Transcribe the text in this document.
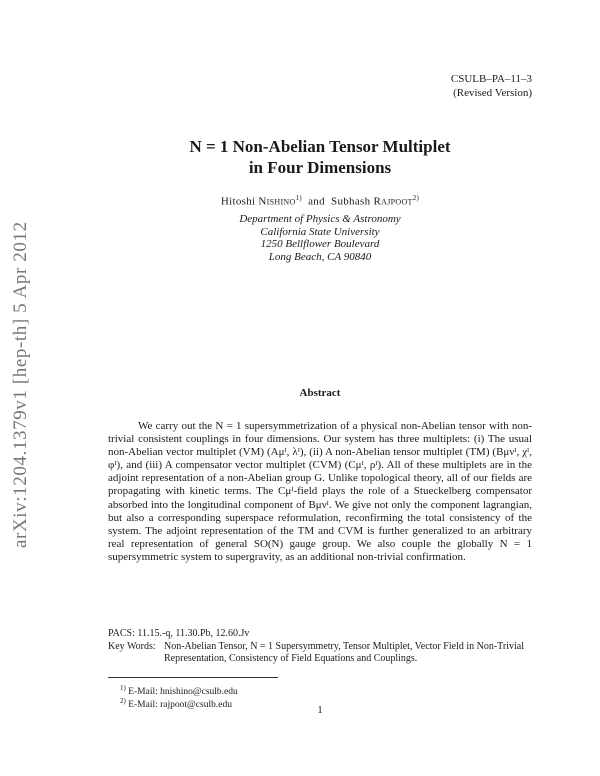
arXiv:1204.1379v1 [hep-th] 5 Apr 2012
CSULB–PA–11–3
(Revised Version)
N = 1 Non-Abelian Tensor Multiplet
in Four Dimensions
Hitoshi Nishino$^{1)}$ and Subhash Rajpoot$^{2)}$
Department of Physics & Astronomy
California State University
1250 Bellflower Boulevard
Long Beach, CA 90840
Abstract

We carry out the N = 1 supersymmetrization of a physical non-Abelian tensor with non-trivial consistent couplings in four dimensions. Our system has three multiplets: (i) The usual non-Abelian vector multiplet (VM) (Aμᴵ, λᴵ), (ii) A non-Abelian tensor multiplet (TM) (Bμνᴵ, χᴵ, φᴵ), and (iii) A compensator vector multiplet (CVM) (Cμᴵ, ρᴵ). All of these multiplets are in the adjoint representation of a non-Abelian group G. Unlike topological theory, all of our fields are propagating with kinetic terms. The Cμᴵ-field plays the role of a Stueckelberg compensator absorbed into the longitudinal component of Bμνᴵ. We give not only the component lagrangian, but also a corresponding superspace reformulation, reconfirming the total consistency of the system. The adjoint representation of the TM and CVM is further generalized to an arbitrary real representation of general SO(N) gauge group. We also couple the globally N = 1 supersymmetric system to supergravity, as an additional non-trivial confirmation.

PACS: 11.15.-q, 11.30.Pb, 12.60.Jv
Key Words: Non-Abelian Tensor, N = 1 Supersymmetry, Tensor Multiplet, Vector Field in Non-Trivial Representation, Consistency of Field Equations and Couplings.
$^{1)}$ E-Mail: hnishino@csulb.edu
$^{2)}$ E-Mail: rajpoot@csulb.edu	1
